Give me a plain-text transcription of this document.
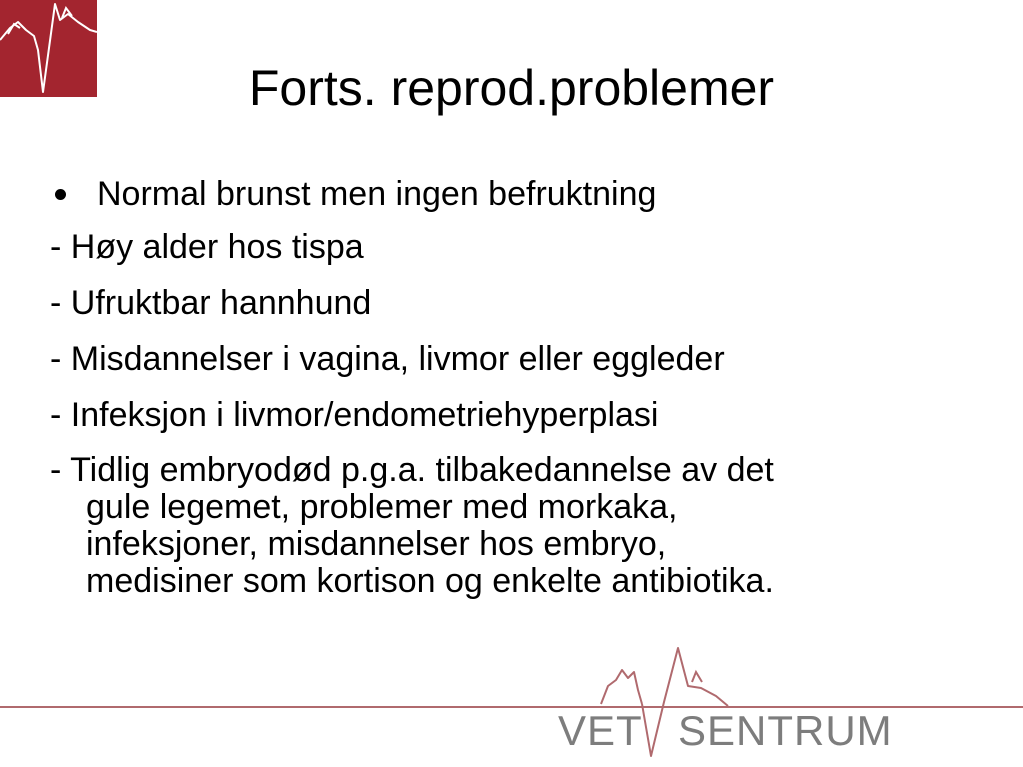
Forts. reprod.problemer
Normal brunst men ingen befruktning
- Høy alder hos tispa
- Ufruktbar hannhund
- Misdannelser i vagina, livmor eller eggleder
- Infeksjon i livmor/endometriehyperplasi
- Tidlig embryodød p.g.a. tilbakedannelse av det
gule legemet, problemer med morkaka,
infeksjoner, misdannelser hos embryo,
medisiner som kortison og enkelte antibiotika.
VET SENTRUM
